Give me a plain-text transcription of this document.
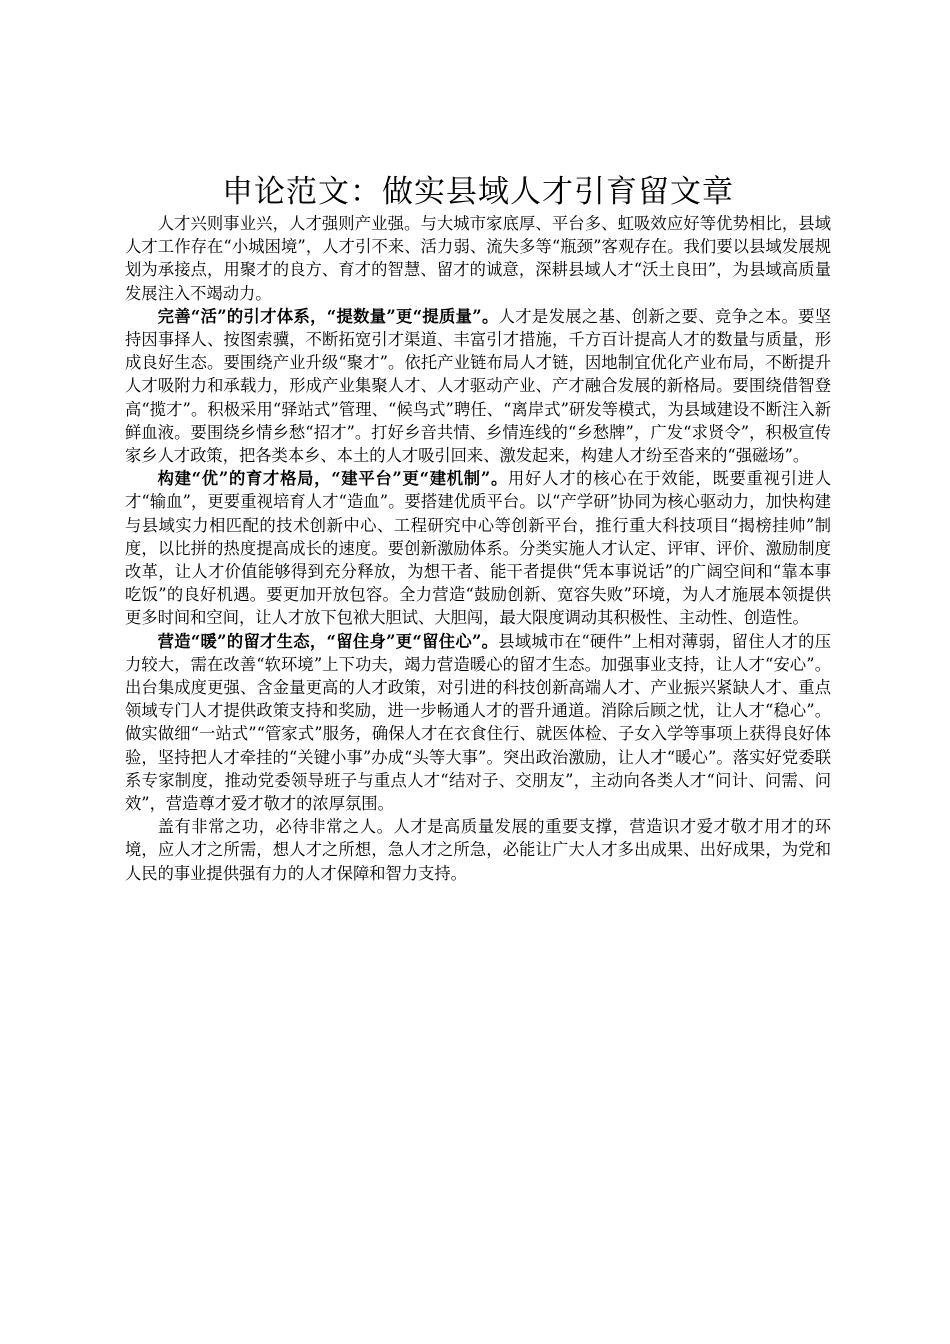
申论范文：做实县域人才引育留文章

人才兴则事业兴，人才强则产业强。与大城市家底厚、平台多、虹吸效应好等优势相比，县域人才工作存在“小城困境”，人才引不来、活力弱、流失多等“瓶颈”客观存在。我们要以县域发展规划为承接点，用聚才的良方、育才的智慧、留才的诚意，深耕县域人才“沃土良田”，为县域高质量发展注入不竭动力。

完善“活”的引才体系，“提数量”更“提质量”。人才是发展之基、创新之要、竞争之本。要坚持因事择人、按图索骥，不断拓宽引才渠道、丰富引才措施，千方百计提高人才的数量与质量，形成良好生态。要围绕产业升级“聚才”。依托产业链布局人才链，因地制宜优化产业布局，不断提升人才吸附力和承载力，形成产业集聚人才、人才驱动产业、产才融合发展的新格局。要围绕借智登高“揽才”。积极采用“驿站式”管理、“候鸟式”聘任、“离岸式”研发等模式，为县域建设不断注入新鲜血液。要围绕乡情乡愁“招才”。打好乡音共情、乡情连线的“乡愁牌”，广发“求贤令”，积极宣传家乡人才政策，把各类本乡、本土的人才吸引回来、激发起来，构建人才纷至沓来的“强磁场”。

构建“优”的育才格局，“建平台”更“建机制”。用好人才的核心在于效能，既要重视引进人才“输血”，更要重视培育人才“造血”。要搭建优质平台。以“产学研”协同为核心驱动力，加快构建与县域实力相匹配的技术创新中心、工程研究中心等创新平台，推行重大科技项目“揭榜挂帅”制度，以比拼的热度提高成长的速度。要创新激励体系。分类实施人才认定、评审、评价、激励制度改革，让人才价值能够得到充分释放，为想干者、能干者提供“凭本事说话”的广阔空间和“靠本事吃饭”的良好机遇。要更加开放包容。全力营造“鼓励创新、宽容失败”环境，为人才施展本领提供更多时间和空间，让人才放下包袱大胆试、大胆闯，最大限度调动其积极性、主动性、创造性。

营造“暖”的留才生态，“留住身”更“留住心”。县域城市在“硬件”上相对薄弱，留住人才的压力较大，需在改善“软环境”上下功夫，竭力营造暖心的留才生态。加强事业支持，让人才“安心”。出台集成度更强、含金量更高的人才政策，对引进的科技创新高端人才、产业振兴紧缺人才、重点领域专门人才提供政策支持和奖励，进一步畅通人才的晋升通道。消除后顾之忧，让人才“稳心”。做实做细“一站式”“管家式”服务，确保人才在衣食住行、就医体检、子女入学等事项上获得良好体验，坚持把人才牵挂的“关键小事”办成“头等大事”。突出政治激励，让人才“暖心”。落实好党委联系专家制度，推动党委领导班子与重点人才“结对子、交朋友”，主动向各类人才“问计、问需、问效”，营造尊才爱才敬才的浓厚氛围。

盖有非常之功，必待非常之人。人才是高质量发展的重要支撑，营造识才爱才敬才用才的环境，应人才之所需，想人才之所想，急人才之所急，必能让广大人才多出成果、出好成果，为党和人民的事业提供强有力的人才保障和智力支持。
